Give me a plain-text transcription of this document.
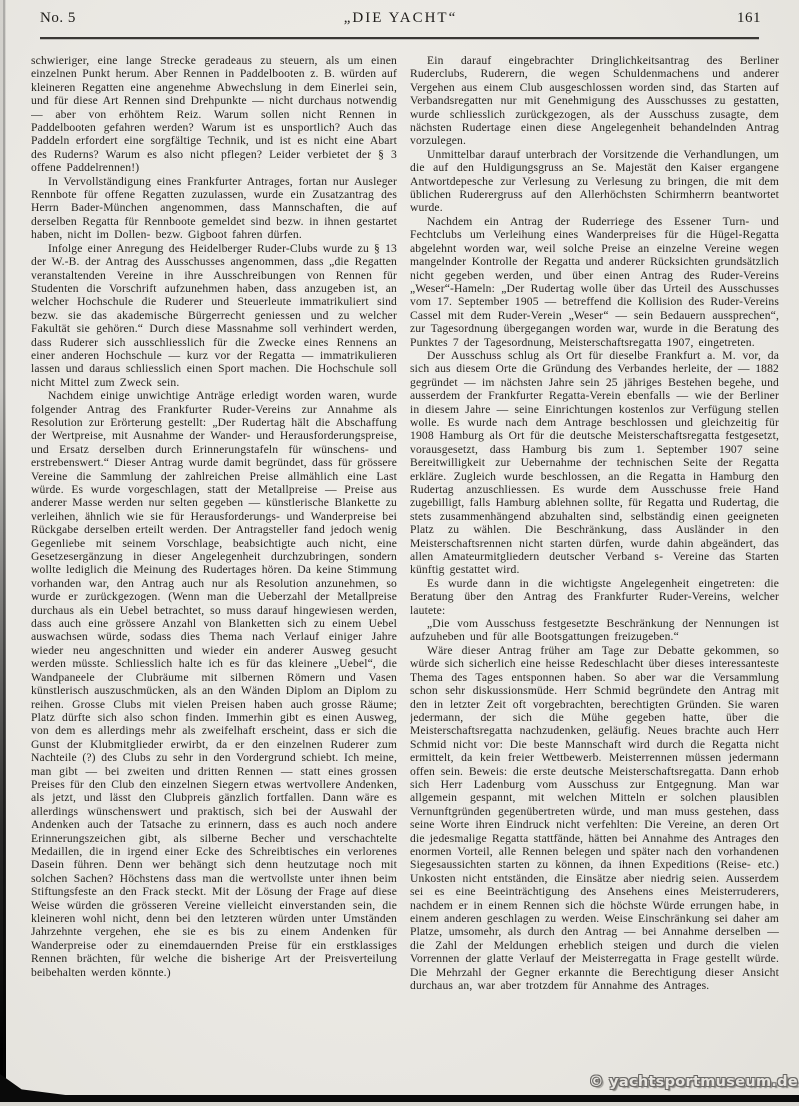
No. 5	„DIE YACHT“	161

schwieriger, eine lange Strecke geradeaus zu steuern, als um einen einzelnen Punkt herum. Aber Rennen in Paddelbooten z. B. würden auf kleineren Regatten eine angenehme Abwechslung in dem Einerlei sein, und für diese Art Rennen sind Drehpunkte — nicht durchaus notwendig — aber von erhöhtem Reiz. Warum sollen nicht Rennen in Paddelbooten gefahren werden? Warum ist es unsportlich? Auch das Paddeln erfordert eine sorgfältige Technik, und ist es nicht eine Abart des Ruderns? Warum es also nicht pflegen? Leider verbietet der § 3 offene Paddelrennen!)

In Vervollständigung eines Frankfurter Antrages, fortan nur Ausleger Rennbote für offene Regatten zuzulassen, wurde ein Zusatzantrag des Herrn Bader-München angenommen, dass Mannschaften, die auf derselben Regatta für Rennboote gemeldet sind bezw. in ihnen gestartet haben, nicht im Dollen- bezw. Gigboot fahren dürfen.

Infolge einer Anregung des Heidelberger Ruder-Clubs wurde zu § 13 der W.-B. der Antrag des Ausschusses angenommen, dass „die Regatten veranstaltenden Vereine in ihre Ausschreibungen von Rennen für Studenten die Vorschrift aufzunehmen haben, dass anzugeben ist, an welcher Hochschule die Ruderer und Steuerleute immatrikuliert sind bezw. sie das akademische Bürgerrecht geniessen und zu welcher Fakultät sie gehören.“ Durch diese Massnahme soll verhindert werden, dass Ruderer sich ausschliesslich für die Zwecke eines Rennens an einer anderen Hochschule — kurz vor der Regatta — immatrikulieren lassen und daraus schliesslich einen Sport machen. Die Hochschule soll nicht Mittel zum Zweck sein.

Nachdem einige unwichtige Anträge erledigt worden waren, wurde folgender Antrag des Frankfurter Ruder-Vereins zur Annahme als Resolution zur Erörterung gestellt: „Der Rudertag hält die Abschaffung der Wertpreise, mit Ausnahme der Wander- und Herausforderungspreise, und Ersatz derselben durch Erinnerungstafeln für wünschens- und erstrebenswert.“ Dieser Antrag wurde damit begründet, dass für grössere Vereine die Sammlung der zahlreichen Preise allmählich eine Last würde. Es wurde vorgeschlagen, statt der Metallpreise — Preise aus anderer Masse werden nur selten gegeben — künstlerische Blankette zu verleihen, ähnlich wie sie für Herausforderungs- und Wanderpreise bei Rückgabe derselben erteilt werden. Der Antragsteller fand jedoch wenig Gegenliebe mit seinem Vorschlage, beabsichtigte auch nicht, eine Gesetzesergänzung in dieser Angelegenheit durchzubringen, sondern wollte lediglich die Meinung des Rudertages hören. Da keine Stimmung vorhanden war, den Antrag auch nur als Resolution anzunehmen, so wurde er zurückgezogen. (Wenn man die Ueberzahl der Metallpreise durchaus als ein Uebel betrachtet, so muss darauf hingewiesen werden, dass auch eine grössere Anzahl von Blanketten sich zu einem Uebel auswachsen würde, sodass dies Thema nach Verlauf einiger Jahre wieder neu angeschnitten und wieder ein anderer Ausweg gesucht werden müsste. Schliesslich halte ich es für das kleinere „Uebel“, die Wandpaneele der Clubräume mit silbernen Römern und Vasen künstlerisch auszuschmücken, als an den Wänden Diplom an Diplom zu reihen. Grosse Clubs mit vielen Preisen haben auch grosse Räume; Platz dürfte sich also schon finden. Immerhin gibt es einen Ausweg, von dem es allerdings mehr als zweifelhaft erscheint, dass er sich die Gunst der Klubmitglieder erwirbt, da er den einzelnen Ruderer zum Nachteile (?) des Clubs zu sehr in den Vordergrund schiebt. Ich meine, man gibt — bei zweiten und dritten Rennen — statt eines grossen Preises für den Club den einzelnen Siegern etwas wertvollere Andenken, als jetzt, und lässt den Clubpreis gänzlich fortfallen. Dann wäre es allerdings wünschenswert und praktisch, sich bei der Auswahl der Andenken auch der Tatsache zu erinnern, dass es auch noch andere Erinnerungszeichen gibt, als silberne Becher und verschachtelte Medaillen, die in irgend einer Ecke des Schreibtisches ein verlorenes Dasein führen. Denn wer behängt sich denn heutzutage noch mit solchen Sachen? Höchstens dass man die wertvollste unter ihnen beim Stiftungsfeste an den Frack steckt. Mit der Lösung der Frage auf diese Weise würden die grösseren Vereine vielleicht einverstanden sein, die kleineren wohl nicht, denn bei den letzteren würden unter Umständen Jahrzehnte vergehen, ehe sie es bis zu einem Andenken für Wanderpreise oder zu einemdauernden Preise für ein erstklassiges Rennen brächten, für welche die bisherige Art der Preisverteilung beibehalten werden könnte.)

Ein darauf eingebrachter Dringlichkeitsantrag des Berliner Ruderclubs, Ruderern, die wegen Schuldenmachens und anderer Vergehen aus einem Club ausgeschlossen worden sind, das Starten auf Verbandsregatten nur mit Genehmigung des Ausschusses zu gestatten, wurde schliesslich zurückgezogen, als der Ausschuss zusagte, dem nächsten Rudertage einen diese Angelegenheit behandelnden Antrag vorzulegen.

Unmittelbar darauf unterbrach der Vorsitzende die Verhandlungen, um die auf den Huldigungsgruss an Se. Majestät den Kaiser ergangene Antwortdepesche zur Verlesung zu Verlesung zu bringen, die mit dem üblichen Ruderergruss auf den Allerhöchsten Schirmherrn beantwortet wurde.

Nachdem ein Antrag der Ruderriege des Essener Turn- und Fechtclubs um Verleihung eines Wanderpreises für die Hügel-Regatta abgelehnt worden war, weil solche Preise an einzelne Vereine wegen mangelnder Kontrolle der Regatta und anderer Rücksichten grundsätzlich nicht gegeben werden, und über einen Antrag des Ruder-Vereins „Weser“-Hameln: „Der Rudertag wolle über das Urteil des Ausschusses vom 17. September 1905 — betreffend die Kollision des Ruder-Vereins Cassel mit dem Ruder-Verein „Weser“ — sein Bedauern aussprechen“, zur Tagesordnung übergegangen worden war, wurde in die Beratung des Punktes 7 der Tagesordnung, Meisterschaftsregatta 1907, eingetreten.

Der Ausschuss schlug als Ort für dieselbe Frankfurt a. M. vor, da sich aus diesem Orte die Gründung des Verbandes herleite, der — 1882 gegründet — im nächsten Jahre sein 25 jähriges Bestehen begehe, und ausserdem der Frankfurter Regatta-Verein ebenfalls — wie der Berliner in diesem Jahre — seine Einrichtungen kostenlos zur Verfügung stellen wolle. Es wurde nach dem Antrage beschlossen und gleichzeitig für 1908 Hamburg als Ort für die deutsche Meisterschaftsregatta festgesetzt, vorausgesetzt, dass Hamburg bis zum 1. September 1907 seine Bereitwilligkeit zur Uebernahme der technischen Seite der Regatta erkläre. Zugleich wurde beschlossen, an die Regatta in Hamburg den Rudertag anzuschliessen. Es wurde dem Ausschusse freie Hand zugebilligt, falls Hamburg ablehnen sollte, für Regatta und Rudertag, die stets zusammenhängend abzuhalten sind, selbständig einen geeigneten Platz zu wählen. Die Beschränkung, dass Ausländer in den Meisterschaftsrennen nicht starten dürfen, wurde dahin abgeändert, das allen Amateurmitgliedern deutscher Verband s- Vereine das Starten künftig gestattet wird.

Es wurde dann in die wichtigste Angelegenheit eingetreten: die Beratung über den Antrag des Frankfurter Ruder-Vereins, welcher lautete:

„Die vom Ausschuss festgesetzte Beschränkung der Nennungen ist aufzuheben und für alle Bootsgattungen freizugeben.“

Wäre dieser Antrag früher am Tage zur Debatte gekommen, so würde sich sicherlich eine heisse Redeschlacht über dieses interessanteste Thema des Tages entsponnen haben. So aber war die Versammlung schon sehr diskussionsmüde. Herr Schmid begründete den Antrag mit den in letzter Zeit oft vorgebrachten, berechtigten Gründen. Sie waren jedermann, der sich die Mühe gegeben hatte, über die Meisterschaftsregatta nachzudenken, geläufig. Neues brachte auch Herr Schmid nicht vor: Die beste Mannschaft wird durch die Regatta nicht ermittelt, da kein freier Wettbewerb. Meisterrennen müssen jedermann offen sein. Beweis: die erste deutsche Meisterschaftsregatta. Dann erhob sich Herr Ladenburg vom Ausschuss zur Entgegnung. Man war allgemein gespannt, mit welchen Mitteln er solchen plausiblen Vernunftgründen gegenübertreten würde, und man muss gestehen, dass seine Worte ihren Eindruck nicht verfehlten: Die Vereine, an deren Ort die jedesmalige Regatta stattfände, hätten bei Annahme des Antrages den enormen Vorteil, alle Rennen belegen und später nach den vorhandenen Siegesaussichten starten zu können, da ihnen Expeditions (Reise- etc.) Unkosten nicht entständen, die Einsätze aber niedrig seien. Ausserdem sei es eine Beeinträchtigung des Ansehens eines Meisterruderers, nachdem er in einem Rennen sich die höchste Würde errungen habe, in einem anderen geschlagen zu werden. Weise Einschränkung sei daher am Platze, umsomehr, als durch den Antrag — bei Annahme derselben — die Zahl der Meldungen erheblich steigen und durch die vielen Vorrennen der glatte Verlauf der Meisterregatta in Frage gestellt würde. Die Mehrzahl der Gegner erkannte die Berechtigung dieser Ansicht durchaus an, war aber trotzdem für Annahme des Antrages.

© yachtsportmuseum.de
